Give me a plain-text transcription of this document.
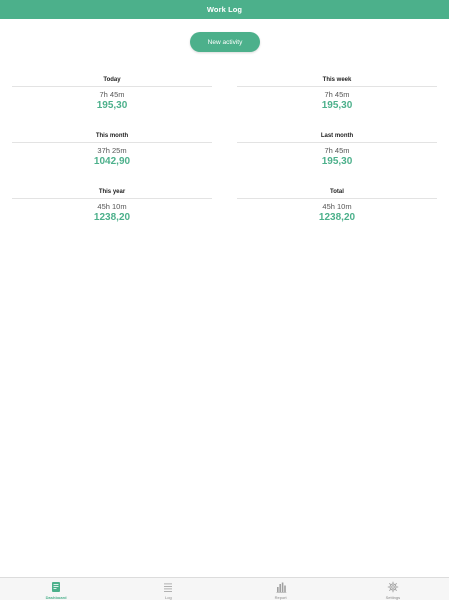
Work Log
New activity
Today
7h 45m
195,30
This week
7h 45m
195,30
This month
37h 25m
1042,90
Last month
7h 45m
195,30
This year
45h 10m
1238,20
Total
45h 10m
1238,20
Dashboard	Log	Report	Settings
